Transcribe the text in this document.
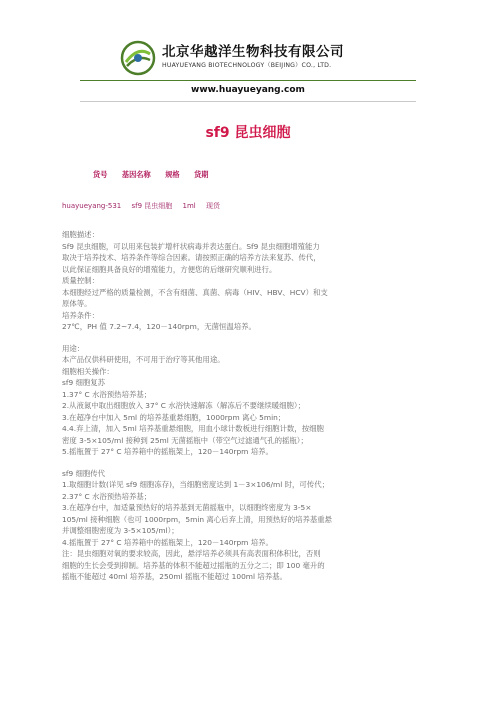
北京华越洋生物科技有限公司
HUAYUEYANG BIOTECHNOLOGY（BEIJING）CO., LTD.
www.huayueyang.com
sf9 昆虫细胞
货号 基因名称 规格 货期
huayueyang-531 sf9 昆虫细胞 1ml 现货

细胞描述：

Sf9 昆虫细胞，可以用来包装扩增杆状病毒并表达蛋白。Sf9 昆虫细胞增殖能力

取决于培养技术、培养条件等综合因素。请按照正确的培养方法来复苏、传代，

以此保证细胞具备良好的增殖能力，方便您的后继研究顺利进行。

质量控制：

本细胞经过严格的质量检测，不含有细菌、真菌、病毒（HIV、HBV、HCV）和支

原体等。

培养条件：

27℃，PH 值 7.2~7.4，120－140rpm，无菌恒温培养。

用途：

本产品仅供科研使用，不可用于治疗等其他用途。

细胞相关操作：

sf9 细胞复苏

1.37° C 水浴预热培养基；

2.从液氮中取出细胞放入 37° C 水浴快速解冻（解冻后不要继续暖细胞）；

3.在超净台中加入 5ml 的培养基重悬细胞，1000rpm 离心 5min；

4.4.弃上清，加入 5ml 培养基重悬细胞，用血小球计数板进行细胞计数，按细胞

密度 3-5×105/ml 接种到 25ml 无菌摇瓶中（带空气过滤通气孔的摇瓶）；

5.摇瓶置于 27° C 培养箱中的摇瓶架上，120－140rpm 培养。

sf9 细胞传代

1.取细胞计数(详见 sf9 细胞冻存)，当细胞密度达到 1－3×106/ml 时，可传代；

2.37° C 水浴预热培养基；

3.在超净台中，加适量预热好的培养基到无菌摇瓶中，以细胞终密度为 3-5×

105/ml 接种细胞（也可 1000rpm，5min 离心后弃上清，用预热好的培养基重悬

并调整细胞密度为 3-5×105/ml）；

4.摇瓶置于 27° C 培养箱中的摇瓶架上，120－140rpm 培养。

注：昆虫细胞对氧的要求较高，因此，悬浮培养必须具有高表面积体积比，否则

细胞的生长会受到抑制。培养基的体积不能超过摇瓶的五分之二；即 100 毫升的

摇瓶不能超过 40ml 培养基，250ml 摇瓶不能超过 100ml 培养基。
